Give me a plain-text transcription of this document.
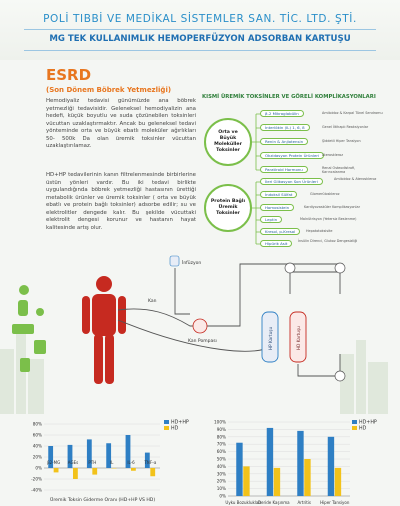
POLİ TIBBİ VE MEDİKAL SİSTEMLER SAN. TİC. LTD. ŞTİ.
MG TEK KULLANIMLIK HEMOPERFÜZYON ADSORBAN KARTUŞU
ESRD
(Son Dönem Böbrek Yetmezliği)
Hemodiyaliz tedavisi günümüzde ana böbrek yetmezliği tedavisidir. Geleneksel hemodiyalizin ana hedefi, küçük boyutlu ve suda çözünebilen toksinleri vücuttan uzaklaştırmaktır. Ancak bu geleneksel tedavi yönteminde orta ve büyük ebatlı moleküler ağırlıkları 50- 500k Da olan üremik toksinler vücuttan uzaklaştırılamaz.
HD+HP tedavilerinin kanın filtrelenmesinde birbirlerine üstün yönleri vardır. Bu iki tedavi birlikte uygulandığında böbrek yetmezliği hastasının ürettiği metabolik ürünler ve üremik toksinler ( orta ve büyük ebatlı ve protein bağlı toksinler) adsorbe edilir; su ve elektrolitler dengede kalır. Bu şekilde vücuttaki elektrolit dengesi korunur ve hastanın hayat kalitesinde artış olur.
KISMİ ÜREMİK TOKSİNLER VE GÖRELİ KOMPLİKASYONLARI
Orta ve Büyük Moleküller Toksinler
Protein Bağlı Üremik Toksinler
β-2 Mikroglobülin	Amiloidoz & Karpal Tünel Sendromu
İnterlökin (IL) 1, 6, 8	Genel İltihaplı Reaksiyonlar
Renin & Anjiotensin	Şiddetli Hiper Tansiyon
Okzidasyon Protein Ürünleri Ateroskleroz
Paratiroid Hormonu	Renal Osteodistrofi, Karıncalanma
İleri Glikasyon Son Ürünleri	Amiloidoz & Ateroskleroz
İndoksil Sülfat	Glomerüloskleroz
Homosistein	Kardiyovasküler Komplikasyonlar
Leptin	Malnütrisyon (Yetersiz Beslenme)
Kresol, p-Kresol	Hepatotoksisite
Hipürik Asit	İnsülin Direnci, Glukoz Dengesizliği
İnfüzyon
Kan
Kan Pompası	HP Kartuşu	HD Kartuşu
80%
60%
40%
20%
0%
-20%
-40%
β2-MG AGEs	PTH	IL	IL-6 TNF-α
HD+HP
HD
Üremik Toksin Giderme Oranı (HD+HP VS HD)
100%
90%
80%
70%
60%
50%
40%
30%
20%
10%
0%
Uyku Bozuklukları
Deride Kaşınma Artritis Hiper Tansiyon
HD+HP
HD
